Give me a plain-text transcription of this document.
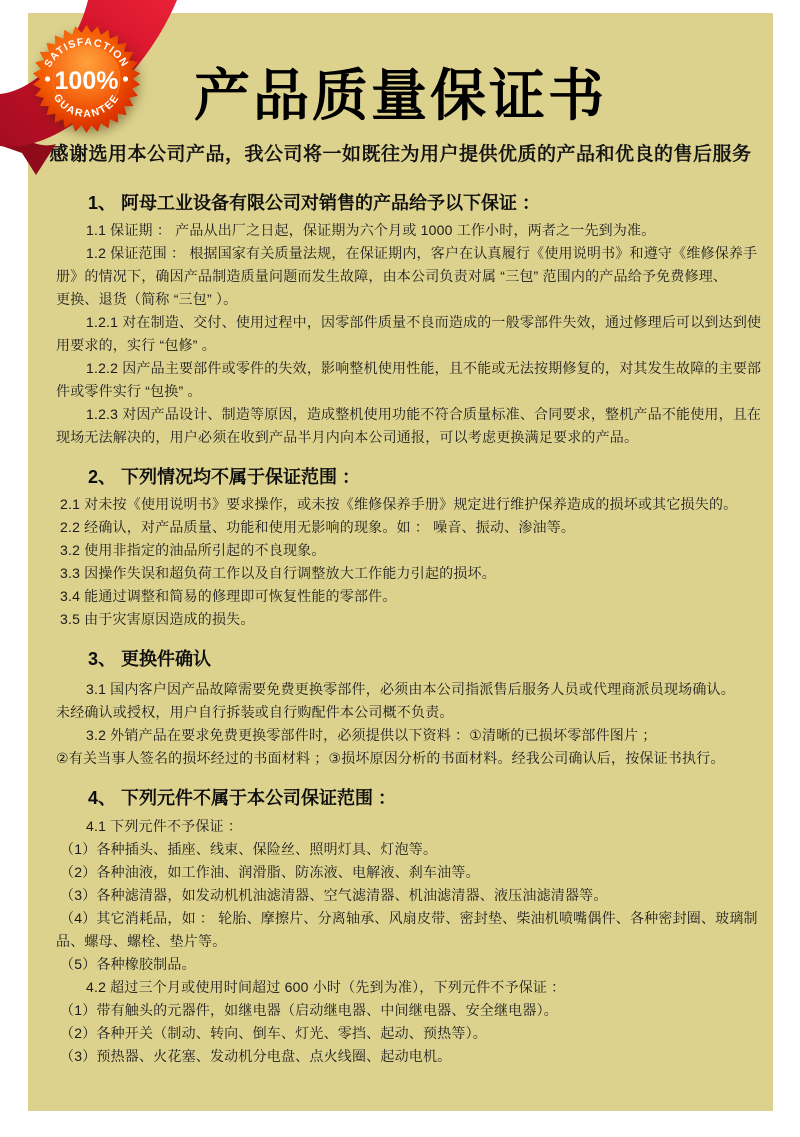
产品质量保证书
感谢选用本公司产品，我公司将一如既往为用户提供优质的产品和优良的售后服务
1、 阿母工业设备有限公司对销售的产品给予以下保证 ：
1.1 保证期 ： 产品从出厂之日起，保证期为六个月或 1000 工作小时，两者之一先到为准。
1.2 保证范围 ： 根据国家有关质量法规，在保证期内，客户在认真履行《使用说明书》和遵守《维修保养手
册》的情况下，确因产品制造质量问题而发生故障，由本公司负责对属 “三包” 范围内的产品给予免费修理、
更换、退货（简称 “三包” ）。
1.2.1 对在制造、交付、使用过程中，因零部件质量不良而造成的一般零部件失效，通过修理后可以到达到使
用要求的，实行 “包修” 。
1.2.2 因产品主要部件或零件的失效，影响整机使用性能，且不能或无法按期修复的，对其发生故障的主要部
件或零件实行 “包换” 。
1.2.3 对因产品设计、制造等原因，造成整机使用功能不符合质量标准、合同要求，整机产品不能使用，且在
现场无法解决的，用户必须在收到产品半月内向本公司通报，可以考虑更换满足要求的产品。
2、 下列情况均不属于保证范围 ：
2.1 对未按《使用说明书》要求操作，或未按《维修保养手册》规定进行维护保养造成的损坏或其它损失的。
2.2 经确认，对产品质量、功能和使用无影响的现象。如 ： 噪音、振动、渗油等。
3.2 使用非指定的油品所引起的不良现象。
3.3 因操作失误和超负荷工作以及自行调整放大工作能力引起的损坏。
3.4 能通过调整和简易的修理即可恢复性能的零部件。
3.5 由于灾害原因造成的损失。
3、 更换件确认
3.1 国内客户因产品故障需要免费更换零部件，必须由本公司指派售后服务人员或代理商派员现场确认。
未经确认或授权，用户自行拆装或自行购配件本公司概不负责。
3.2 外销产品在要求免费更换零部件时，必须提供以下资料 ：①清晰的已损坏零部件图片 ；
②有关当事人签名的损坏经过的书面材料 ；③损坏原因分析的书面材料。经我公司确认后，按保证书执行。
4、 下列元件不属于本公司保证范围 ：
4.1 下列元件不予保证 ：
（1）各种插头、插座、线束、保险丝、照明灯具、灯泡等。
（2）各种油液，如工作油、润滑脂、防冻液、电解液、刹车油等。
（3）各种滤清器，如发动机机油滤清器、空气滤清器、机油滤清器、液压油滤清器等。
（4）其它消耗品，如 ： 轮胎、摩擦片、分离轴承、风扇皮带、密封垫、柴油机喷嘴偶件、各种密封圈、玻璃制
品、螺母、螺栓、垫片等。
（5）各种橡胶制品。
4.2 超过三个月或使用时间超过 600 小时（先到为准），下列元件不予保证 ：
（1）带有触头的元器件，如继电器（启动继电器、中间继电器、安全继电器）。
（2）各种开关（制动、转向、倒车、灯光、零挡、起动、预热等）。
（3）预热器、火花塞、发动机分电盘、点火线圈、起动电机。
SATISFACTION
GUARANTEE
100%
